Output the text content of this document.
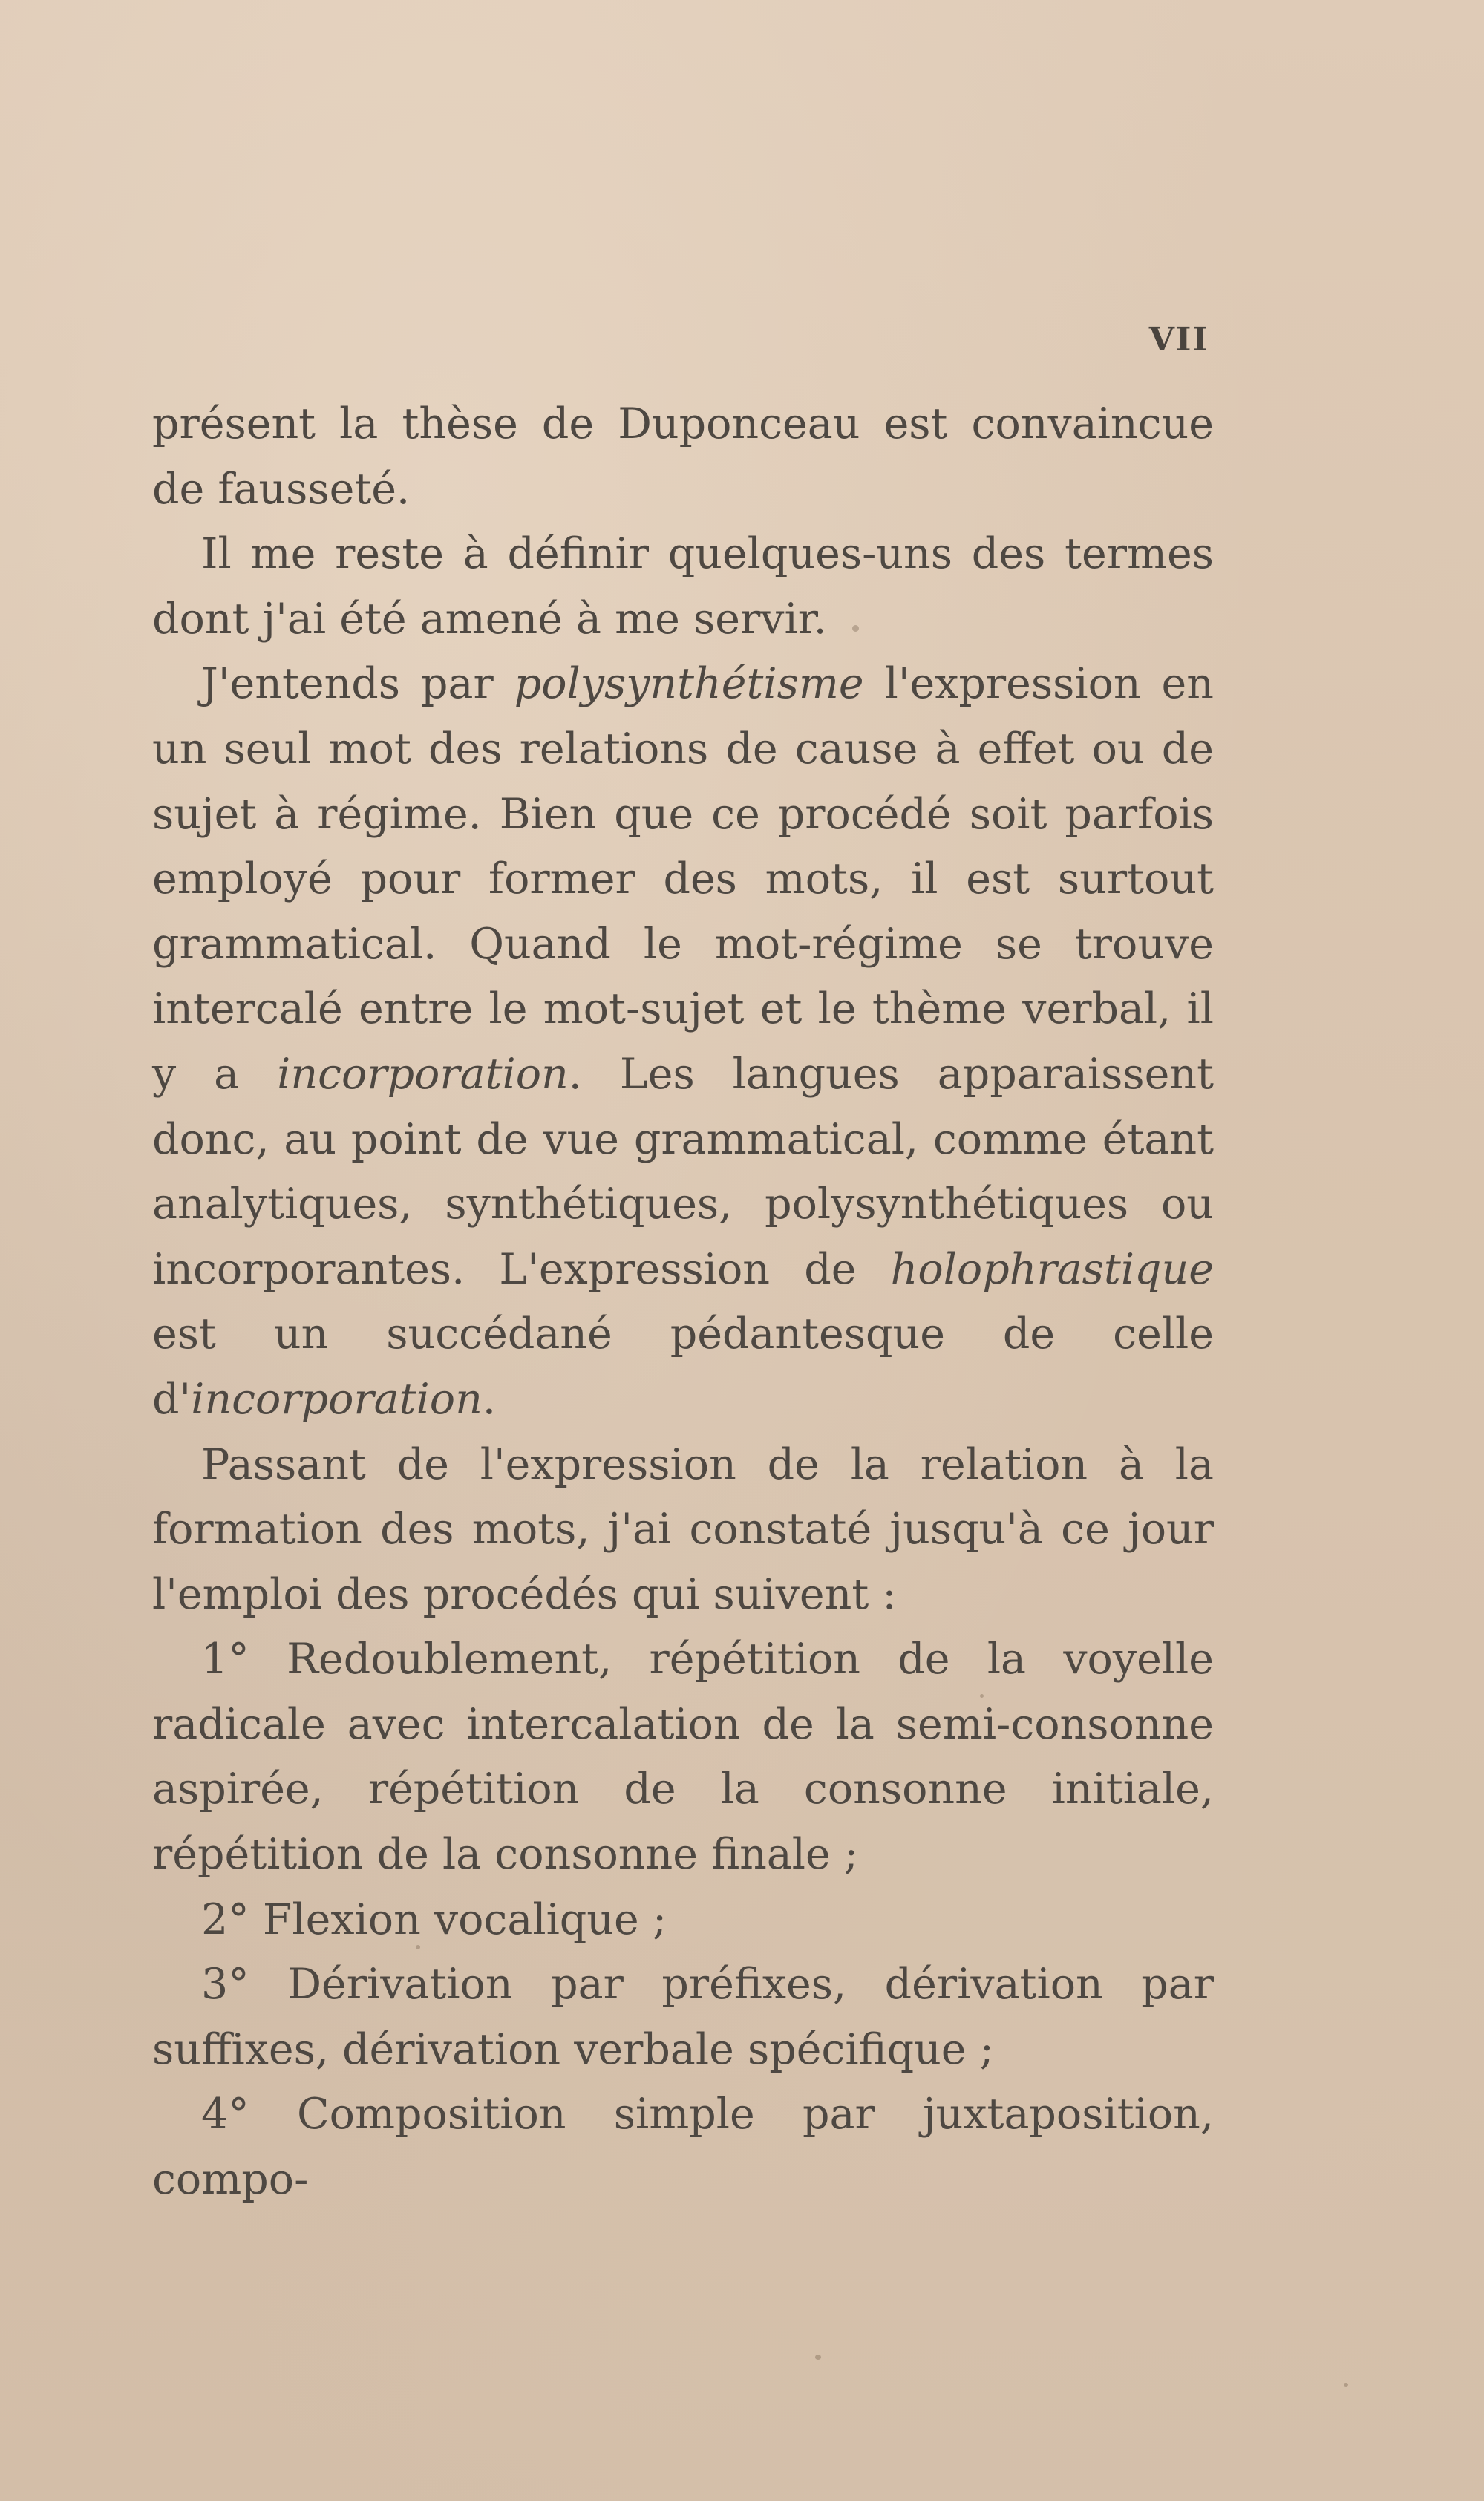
VII

présent la thèse de Duponceau est convaincue de fausseté.

Il me reste à définir quelques-uns des termes dont j'ai été amené à me servir.

J'entends par polysynthétisme l'expression en un seul mot des relations de cause à effet ou de sujet à régime. Bien que ce procédé soit parfois employé pour former des mots, il est surtout grammatical. Quand le mot-régime se trouve intercalé entre le mot-sujet et le thème verbal, il y a incorporation. Les langues apparaissent donc, au point de vue grammatical, comme étant analytiques, synthétiques, polysynthétiques ou incorporantes. L'expression de holophrastique est un succédané pédantesque de celle d'incorporation.

Passant de l'expression de la relation à la formation des mots, j'ai constaté jusqu'à ce jour l'emploi des procédés qui suivent :

1° Redoublement, répétition de la voyelle radicale avec intercalation de la semi-consonne aspirée, répétition de la consonne initiale, répétition de la consonne finale ;

2° Flexion vocalique ;

3° Dérivation par préfixes, dérivation par suffixes, dérivation verbale spécifique ;

4° Composition simple par juxtaposition, compo-
